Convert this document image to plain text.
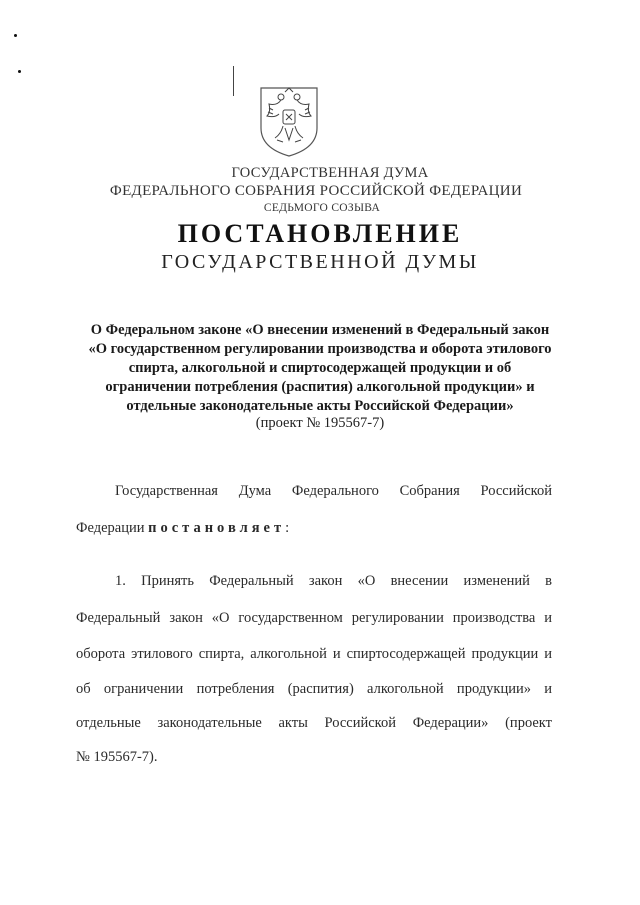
ГОСУДАРСТВЕННАЯ ДУМА
ФЕДЕРАЛЬНОГО СОБРАНИЯ РОССИЙСКОЙ ФЕДЕРАЦИИ
СЕДЬМОГО СОЗЫВА
ПОСТАНОВЛЕНИЕ
ГОСУДАРСТВЕННОЙ ДУМЫ
О Федеральном законе «О внесении изменений в Федеральный закон
«О государственном регулировании производства и оборота этилового
спирта, алкогольной и спиртосодержащей продукции и об
ограничении потребления (распития) алкогольной продукции» и
отдельные законодательные акты Российской Федерации»
(проект № 195567-7)
Государственная Дума Федерального Собрания Российской
Федерации постановляет:
1. Принять Федеральный закон «О внесении изменений в
Федеральный закон «О государственном регулировании производства и
оборота этилового спирта, алкогольной и спиртосодержащей продукции и
об ограничении потребления (распития) алкогольной продукции» и
отдельные законодательные акты Российской Федерации» (проект
№ 195567-7).
